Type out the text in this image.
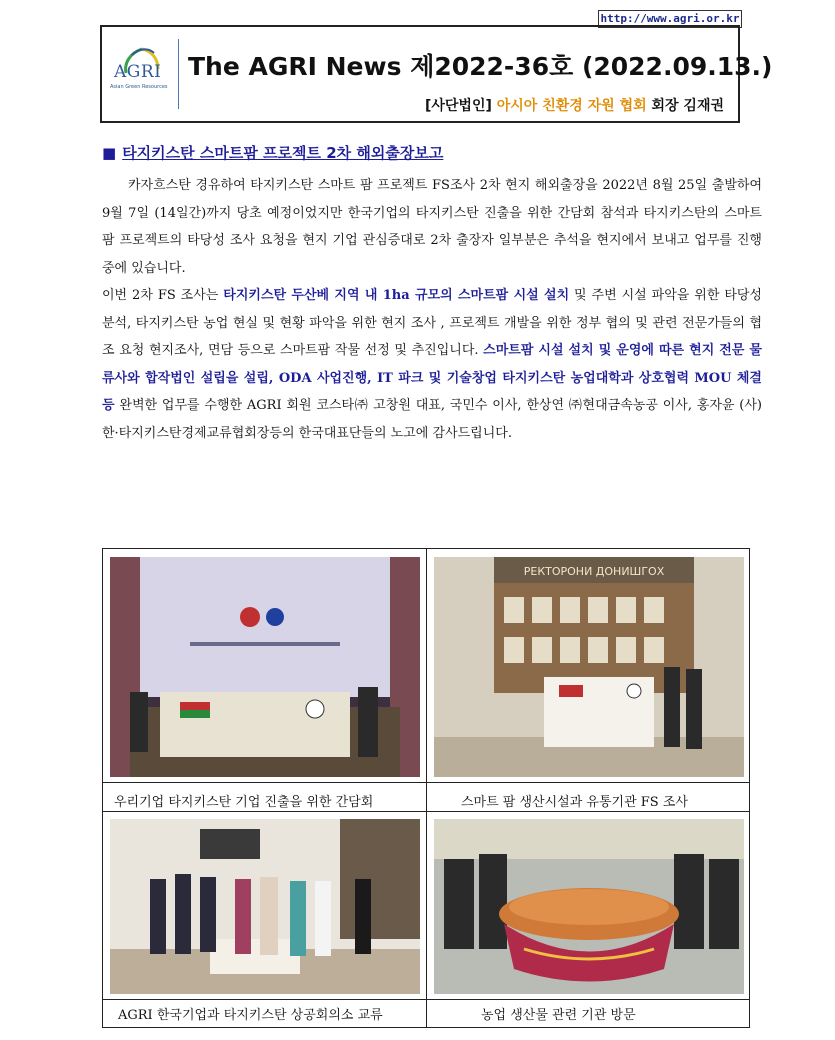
http://www.agri.or.kr
AGRI
Asian Green Resources
The AGRI News 제2022-36호 (2022.09.13.)
[사단법인] 아시아 친환경 자원 협회 회장 김재권
■ 타지키스탄 스마트팜 프로젝트 2차 해외출장보고

카자흐스탄 경유하여 타지키스탄 스마트 팜 프로젝트 FS조사 2차 현지 해외출장을 2022년 8월 25일 출발하여 9월 7일 (14일간)까지 당초 예정이었지만 한국기업의 타지키스탄 진출을 위한 간담회 참석과 타지키스탄의 스마트 팜 프로젝트의 타당성 조사 요청을 현지 기업 관심증대로 2차 출장자 일부분은 추석을 현지에서 보내고 업무를 진행중에 있습니다.

이번 2차 FS 조사는 타지키스탄 두산베 지역 내 1ha 규모의 스마트팜 시설 설치 및 주변 시설 파악을 위한 타당성 분석, 타지키스탄 농업 현실 및 현황 파악을 위한 현지 조사 , 프로젝트 개발을 위한 정부 협의 및 관련 전문가들의 협조 요청 현지조사, 면담 등으로 스마트팜 작물 선정 및 추진입니다. 스마트팜 시설 설치 및 운영에 따른 현지 전문 물류사와 합작법인 설립을 설립, ODA 사업진행, IT 파크 및 기술창업 타지키스탄 농업대학과 상호협력 MOU 체결등 완벽한 업무를 수행한 AGRI 회원 코스타㈜ 고창원 대표, 국민수 이사, 한상연 ㈜현대금속농공 이사, 홍자윤 (사)한·타지키스탄경제교류협회장등의 한국대표단들의 노고에 감사드립니다.

우리기업 타지키스탄 기업 진출을 위한 간담회
РЕКТОРОНИ ДОНИШГОХ
스마트 팜 생산시설과 유통기관 FS 조사
AGRI 한국기업과 타지키스탄 상공회의소 교류	농업 생산물 관련 기관 방문
